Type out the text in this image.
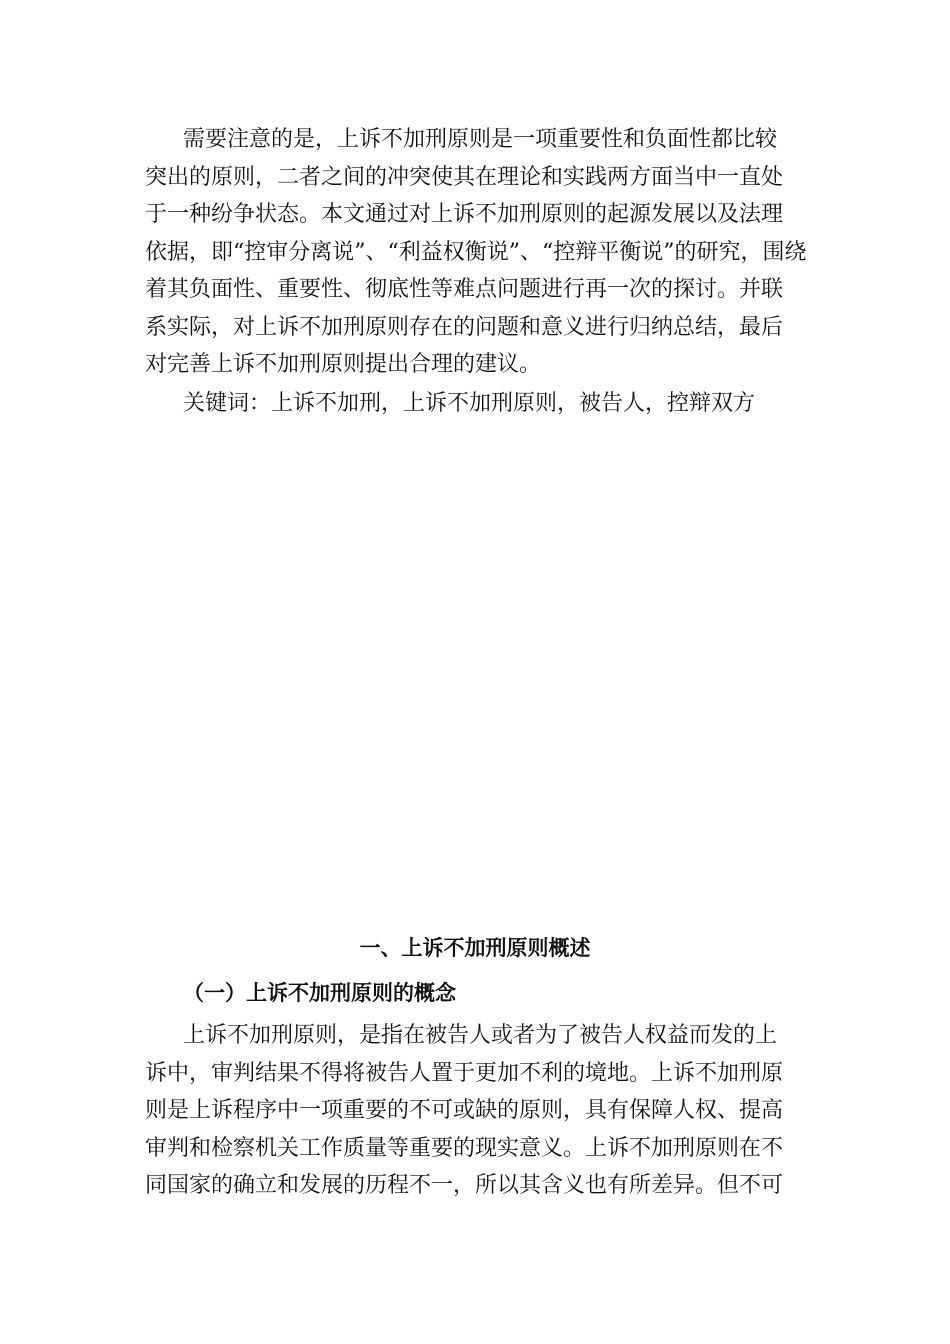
需要注意的是，上诉不加刑原则是一项重要性和负面性都比较
突出的原则，二者之间的冲突使其在理论和实践两方面当中一直处
于一种纷争状态。本文通过对上诉不加刑原则的起源发展以及法理
依据，即“控审分离说”、“利益权衡说”、“控辩平衡说”的研究，围绕
着其负面性、重要性、彻底性等难点问题进行再一次的探讨。并联
系实际，对上诉不加刑原则存在的问题和意义进行归纳总结，最后
对完善上诉不加刑原则提出合理的建议。

关键词：上诉不加刑，上诉不加刑原则，被告人，控辩双方

一、上诉不加刑原则概述
（一）上诉不加刑原则的概念

上诉不加刑原则，是指在被告人或者为了被告人权益而发的上
诉中，审判结果不得将被告人置于更加不利的境地。上诉不加刑原
则是上诉程序中一项重要的不可或缺的原则，具有保障人权、提高
审判和检察机关工作质量等重要的现实意义。上诉不加刑原则在不
同国家的确立和发展的历程不一，所以其含义也有所差异。但不可
